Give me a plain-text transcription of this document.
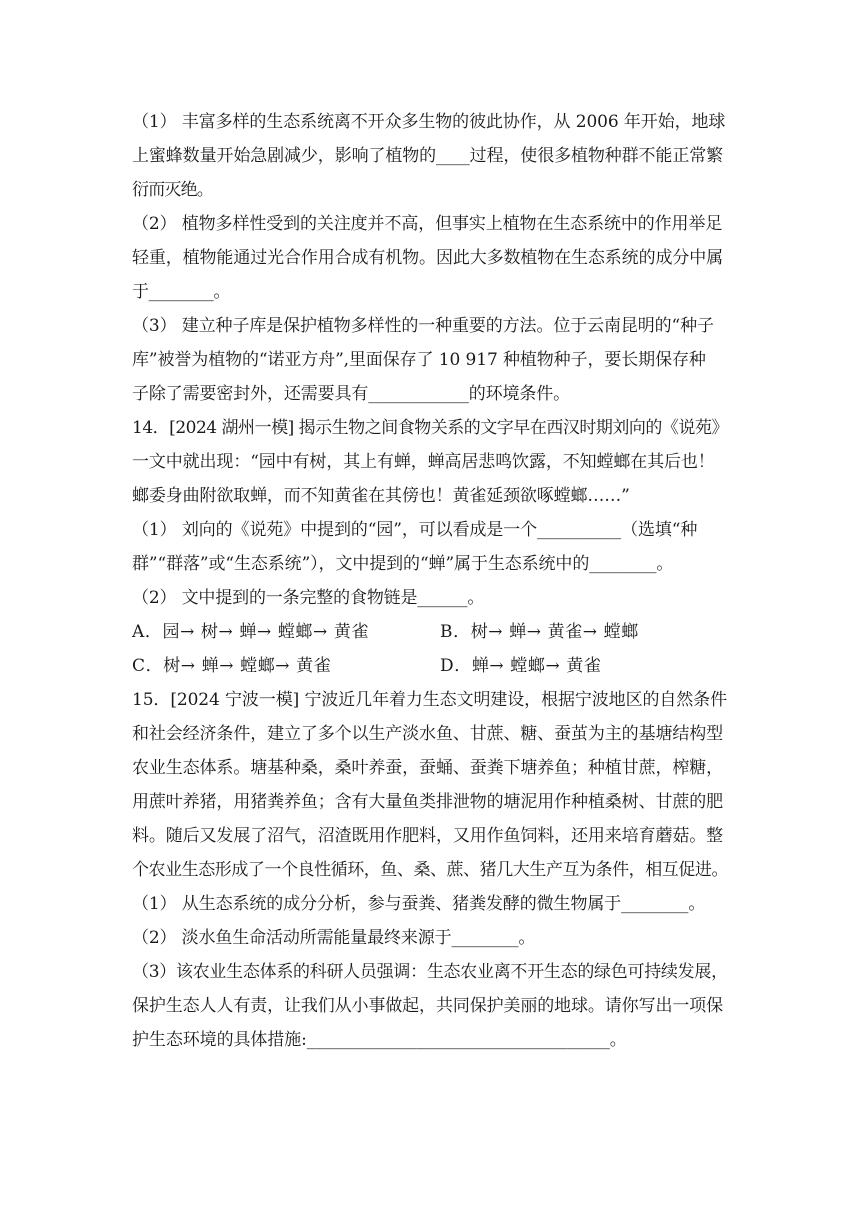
（1） 丰富多样的生态系统离不开众多生物的彼此协作，从 2006 年开始，地球
上蜜蜂数量开始急剧减少，影响了植物的____过程，使很多植物种群不能正常繁
衍而灭绝。
（2） 植物多样性受到的关注度并不高，但事实上植物在生态系统中的作用举足
轻重，植物能通过光合作用合成有机物。因此大多数植物在生态系统的成分中属
于________。
（3） 建立种子库是保护植物多样性的一种重要的方法。位于云南昆明的“种子
库”被誉为植物的“诺亚方舟”,里面保存了 10 917 种植物种子，要长期保存种
子除了需要密封外，还需要具有____________的环境条件。
14．[2024 湖州一模] 揭示生物之间食物关系的文字早在西汉时期刘向的《说苑》
一文中就出现：“园中有树，其上有蝉，蝉高居悲鸣饮露，不知螳螂在其后也！
螂委身曲附欲取蝉，而不知黄雀在其傍也！黄雀延颈欲啄螳螂……”
（1） 刘向的《说苑》中提到的“园”，可以看成是一个__________（选填“种
群”“群落”或“生态系统”），文中提到的“蝉”属于生态系统中的________。
（2） 文中提到的一条完整的食物链是______。
A．园→ 树→ 蝉→ 螳螂→ 黄雀	B．树→ 蝉→ 黄雀→ 螳螂
C．树→ 蝉→ 螳螂→ 黄雀	D．蝉→ 螳螂→ 黄雀
15．[2024 宁波一模] 宁波近几年着力生态文明建设，根据宁波地区的自然条件
和社会经济条件，建立了多个以生产淡水鱼、甘蔗、糖、蚕茧为主的基塘结构型
农业生态体系。塘基种桑，桑叶养蚕，蚕蛹、蚕粪下塘养鱼；种植甘蔗，榨糖，
用蔗叶养猪，用猪粪养鱼；含有大量鱼类排泄物的塘泥用作种植桑树、甘蔗的肥
料。随后又发展了沼气，沼渣既用作肥料，又用作鱼饲料，还用来培育蘑菇。整
个农业生态形成了一个良性循环，鱼、桑、蔗、猪几大生产互为条件，相互促进。
（1） 从生态系统的成分分析，参与蚕粪、猪粪发酵的微生物属于________。
（2） 淡水鱼生命活动所需能量最终来源于________。
（3）该农业生态体系的科研人员强调：生态农业离不开生态的绿色可持续发展，
保护生态人人有责，让我们从小事做起，共同保护美丽的地球。请你写出一项保
护生态环境的具体措施:____________________________________。
